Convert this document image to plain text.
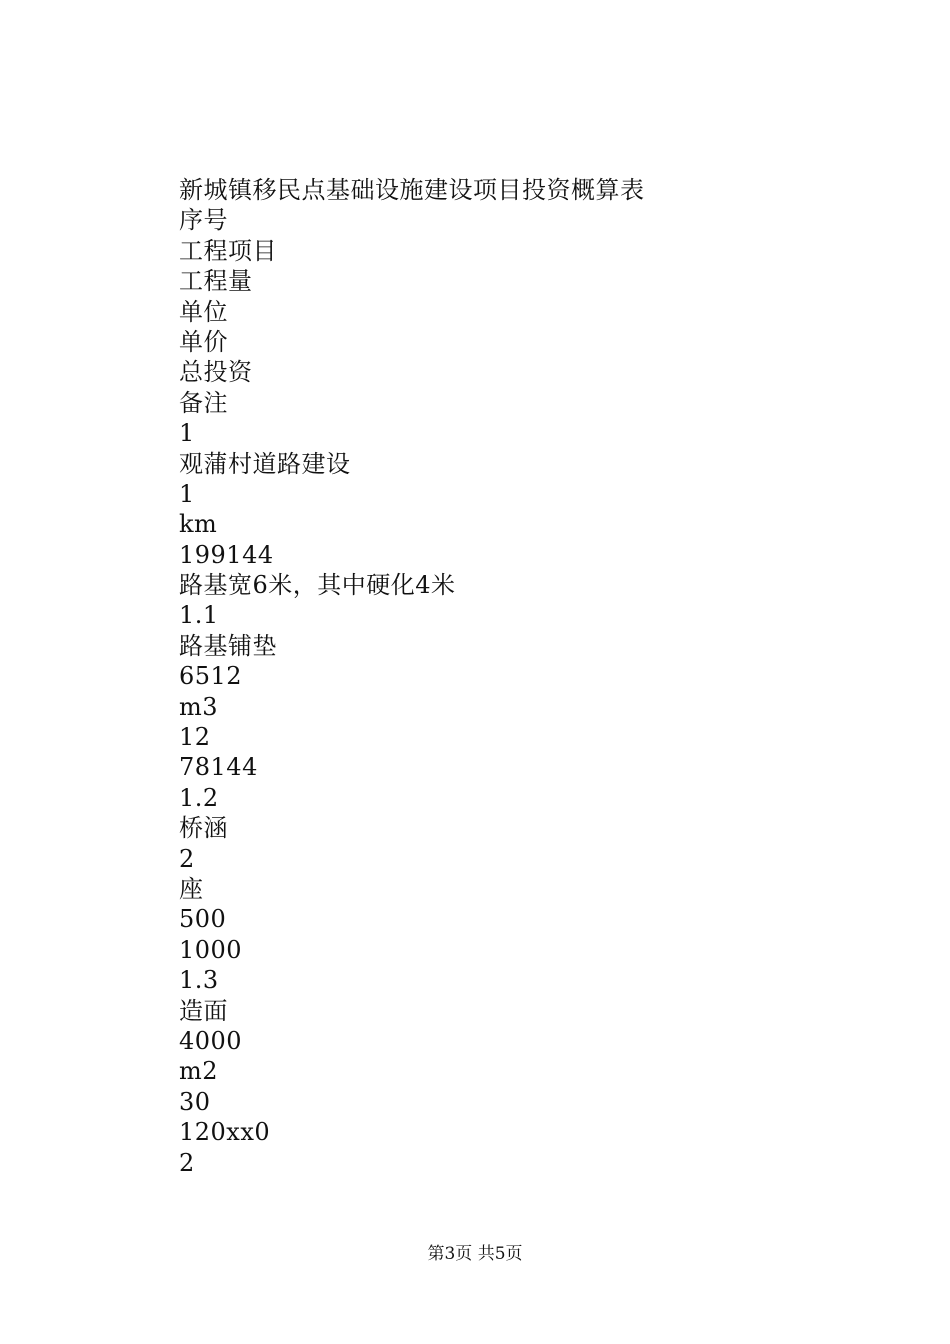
新城镇移民点基础设施建设项目投资概算表
序号
工程项目
工程量
单位
单价
总投资
备注
1
观蒲村道路建设
1
km
199144
路基宽6米，其中硬化4米
1.1
路基铺垫
6512
m3
12
78144
1.2
桥涵
2
座
500
1000
1.3
造面
4000
m2
30
120xx0
2
第3页 共5页
